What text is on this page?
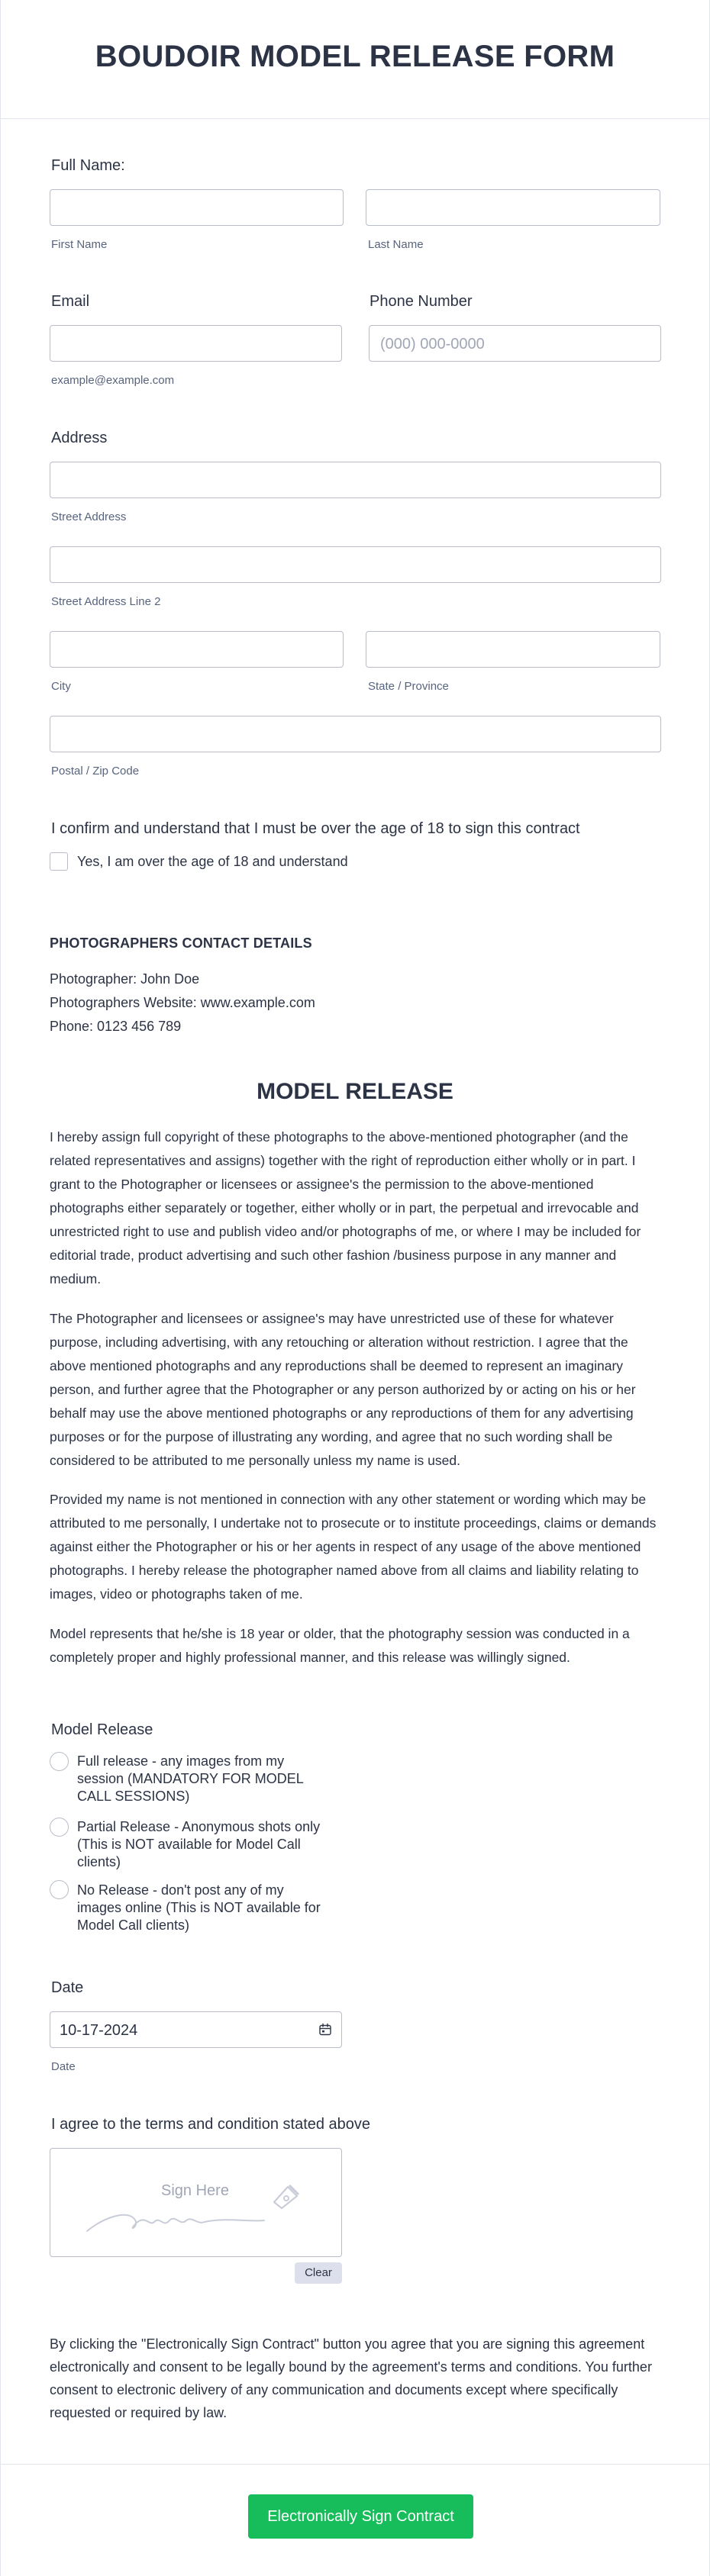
BOUDOIR MODEL RELEASE FORM
Full Name:
First Name	Last Name
Email	Phone Number
(000) 000-0000
example@example.com
Address
Street Address
Street Address Line 2
City	State / Province
Postal / Zip Code
I confirm and understand that I must be over the age of 18 to sign this contract
Yes, I am over the age of 18 and understand
PHOTOGRAPHERS CONTACT DETAILS
Photographer: John Doe
Photographers Website: www.example.com
Phone: 0123 456 789
MODEL RELEASE
I hereby assign full copyright of these photographs to the above-mentioned photographer (and the related representatives and assigns) together with the right of reproduction either wholly or in part. I grant to the Photographer or licensees or assignee's the permission to the above-mentioned photographs either separately or together, either wholly or in part, the perpetual and irrevocable and unrestricted right to use and publish video and/or photographs of me, or where I may be included for editorial trade, product advertising and such other fashion /business purpose in any manner and medium.
The Photographer and licensees or assignee's may have unrestricted use of these for whatever purpose, including advertising, with any retouching or alteration without restriction. I agree that the above mentioned photographs and any reproductions shall be deemed to represent an imaginary person, and further agree that the Photographer or any person authorized by or acting on his or her behalf may use the above mentioned photographs or any reproductions of them for any advertising purposes or for the purpose of illustrating any wording, and agree that no such wording shall be considered to be attributed to me personally unless my name is used.
Provided my name is not mentioned in connection with any other statement or wording which may be attributed to me personally, I undertake not to prosecute or to institute proceedings, claims or demands against either the Photographer or his or her agents in respect of any usage of the above mentioned photographs. I hereby release the photographer named above from all claims and liability relating to images, video or photographs taken of me.
Model represents that he/she is 18 year or older, that the photography session was conducted in a completely proper and highly professional manner, and this release was willingly signed.
Model Release
Full release - any images from my session (MANDATORY FOR MODEL CALL SESSIONS)
Partial Release - Anonymous shots only (This is NOT available for Model Call clients)
No Release - don't post any of my images online (This is NOT available for Model Call clients)
Date
10-17-2024
Date
I agree to the terms and condition stated above
Sign Here
Clear
By clicking the "Electronically Sign Contract" button you agree that you are signing this agreement electronically and consent to be legally bound by the agreement's terms and conditions. You further consent to electronic delivery of any communication and documents except where specifically requested or required by law.
Electronically Sign Contract
